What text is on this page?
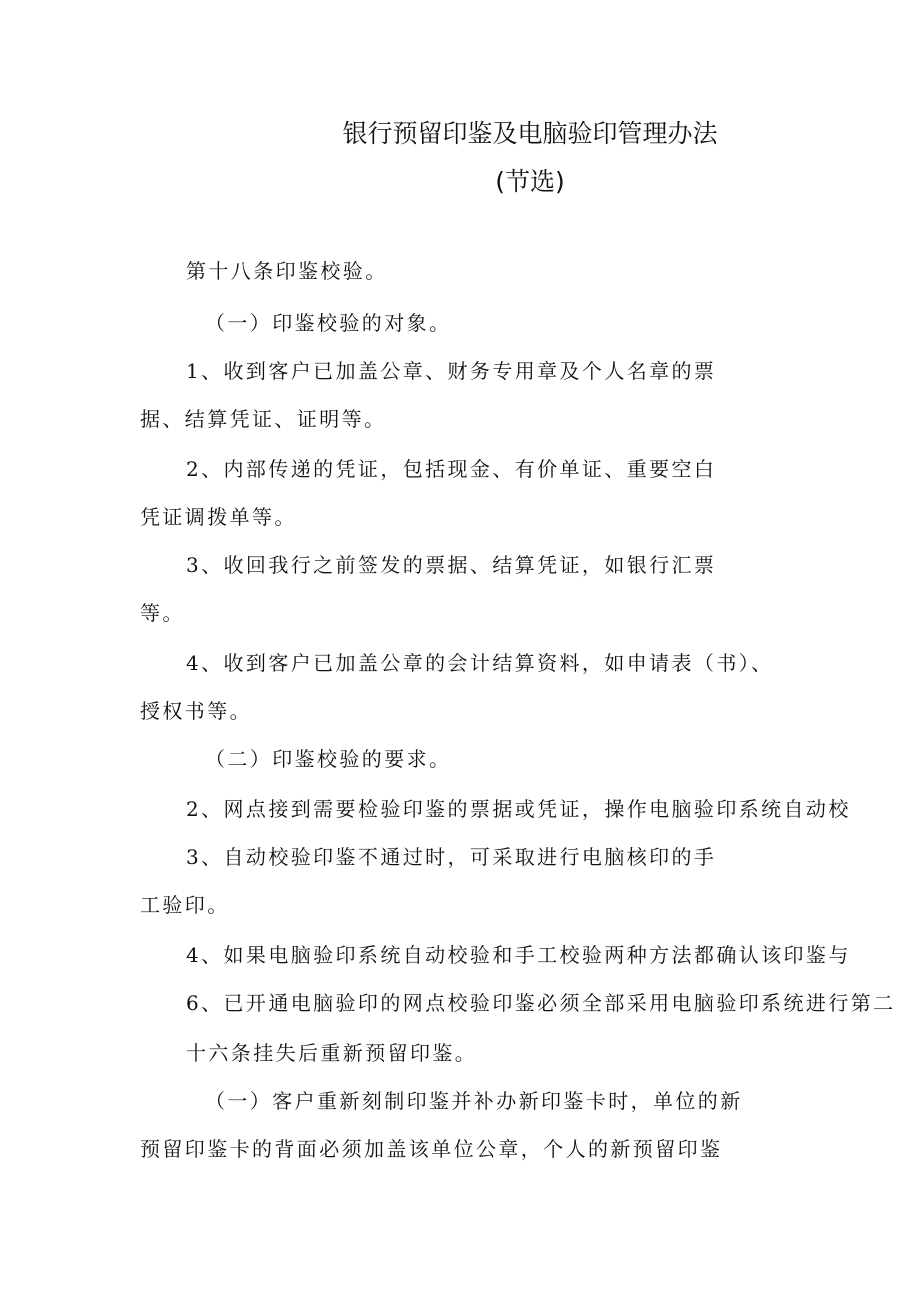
银行预留印鉴及电脑验印管理办法
(节选)
第十八条印鉴校验。
（一）印鉴校验的对象。
1、收到客户已加盖公章、财务专用章及个人名章的票
据、结算凭证、证明等。
2、内部传递的凭证，包括现金、有价单证、重要空白
凭证调拨单等。
3、收回我行之前签发的票据、结算凭证，如银行汇票
等。
4、收到客户已加盖公章的会计结算资料，如申请表（书）、
授权书等。
（二）印鉴校验的要求。
2、网点接到需要检验印鉴的票据或凭证，操作电脑验印系统自动校
3、自动校验印鉴不通过时，可采取进行电脑核印的手
工验印。
4、如果电脑验印系统自动校验和手工校验两种方法都确认该印鉴与
6、已开通电脑验印的网点校验印鉴必须全部采用电脑验印系统进行第二
十六条挂失后重新预留印鉴。
（一）客户重新刻制印鉴并补办新印鉴卡时，单位的新
预留印鉴卡的背面必须加盖该单位公章，个人的新预留印鉴
